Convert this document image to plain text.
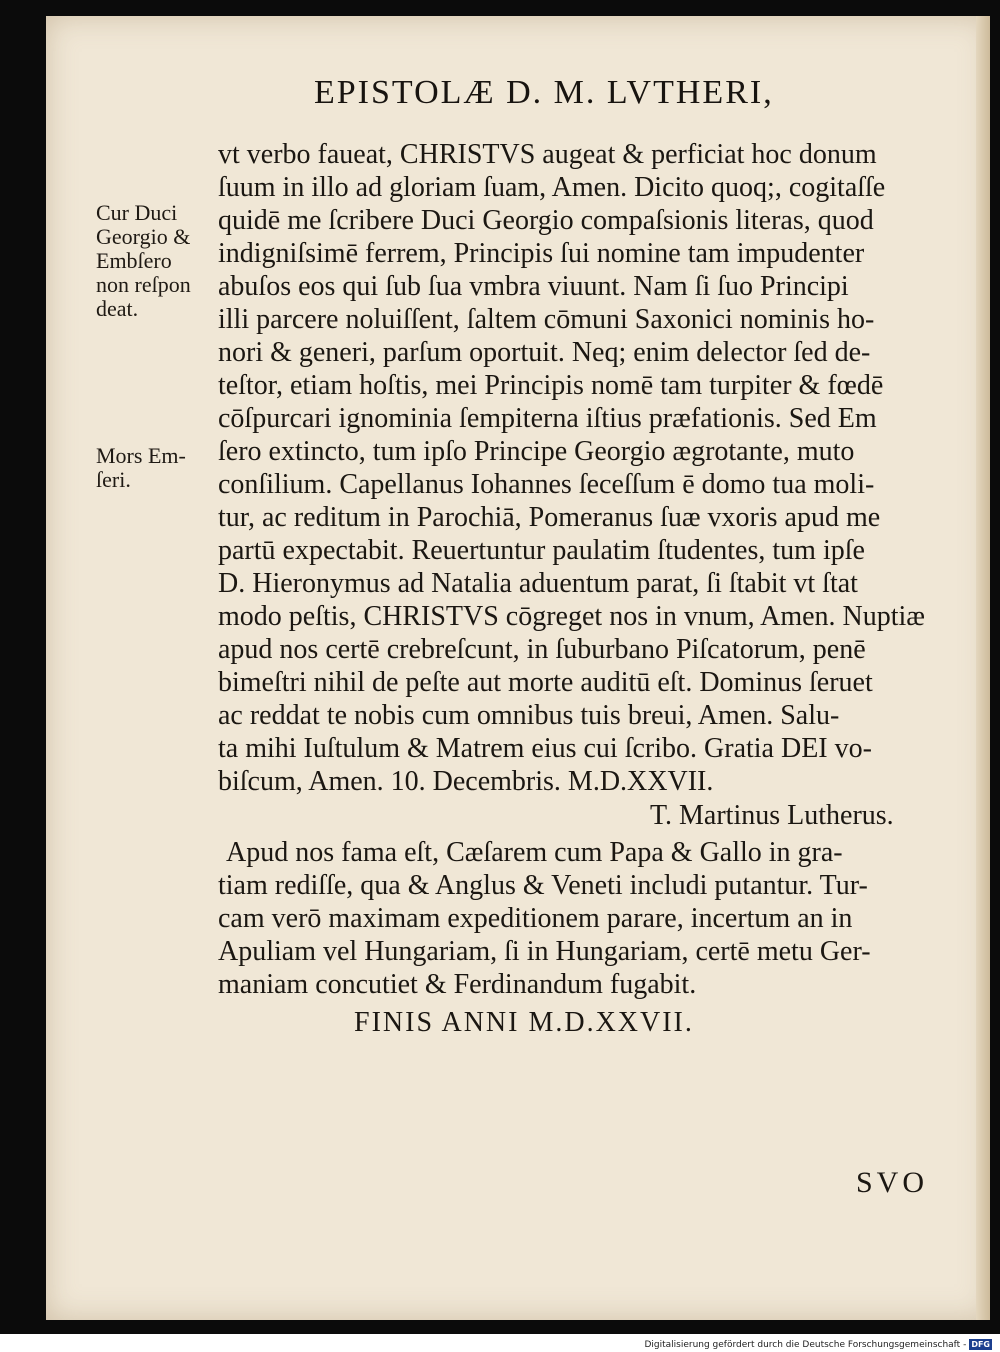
EPISTOLÆ D. M. LVTHERI,
Cur Duci
Georgio &
Embſero
non reſpon
deat.
Mors Em-
ſeri.
vt verbo faueat, CHRISTVS augeat & perficiat hoc donum
ſuum in illo ad gloriam ſuam, Amen. Dicito quoq;, cogitaſſe
quidē me ſcribere Duci Georgio compaſsionis literas, quod
indigniſsimē ferrem, Principis ſui nomine tam impudenter
abuſos eos qui ſub ſua vmbra viuunt. Nam ſi ſuo Principi
illi parcere noluiſſent, ſaltem cōmuni Saxonici nominis ho-
nori & generi, parſum oportuit. Neq; enim delector ſed de-
teſtor, etiam hoſtis, mei Principis nomē tam turpiter & fœdē
cōſpurcari ignominia ſempiterna iſtius præfationis. Sed Em
ſero extincto, tum ipſo Principe Georgio ægrotante, muto
conſilium. Capellanus Iohannes ſeceſſum ē domo tua moli-
tur, ac reditum in Parochiā, Pomeranus ſuæ vxoris apud me
partū expectabit. Reuertuntur paulatim ſtudentes, tum ipſe
D. Hieronymus ad Natalia aduentum parat, ſi ſtabit vt ſtat
modo peſtis, CHRISTVS cōgreget nos in vnum, Amen. Nuptiæ
apud nos certē crebreſcunt, in ſuburbano Piſcatorum, penē
bimeſtri nihil de peſte aut morte auditū eſt. Dominus ſeruet
ac reddat te nobis cum omnibus tuis breui, Amen. Salu-
ta mihi Iuſtulum & Matrem eius cui ſcribo. Gratia DEI vo-
biſcum, Amen. 10. Decembris. M.D.XXVII.
T. Martinus Lutherus.
Apud nos fama eſt, Cæſarem cum Papa & Gallo in gra-
tiam rediſſe, qua & Anglus & Veneti includi putantur. Tur-
cam verō maximam expeditionem parare, incertum an in
Apuliam vel Hungariam, ſi in Hungariam, certē metu Ger-
maniam concutiet & Ferdinandum fugabit.
FINIS ANNI M.D.XXVII.
SVO
Digitalisierung gefördert durch die Deutsche Forschungsgemeinschaft - DFG
